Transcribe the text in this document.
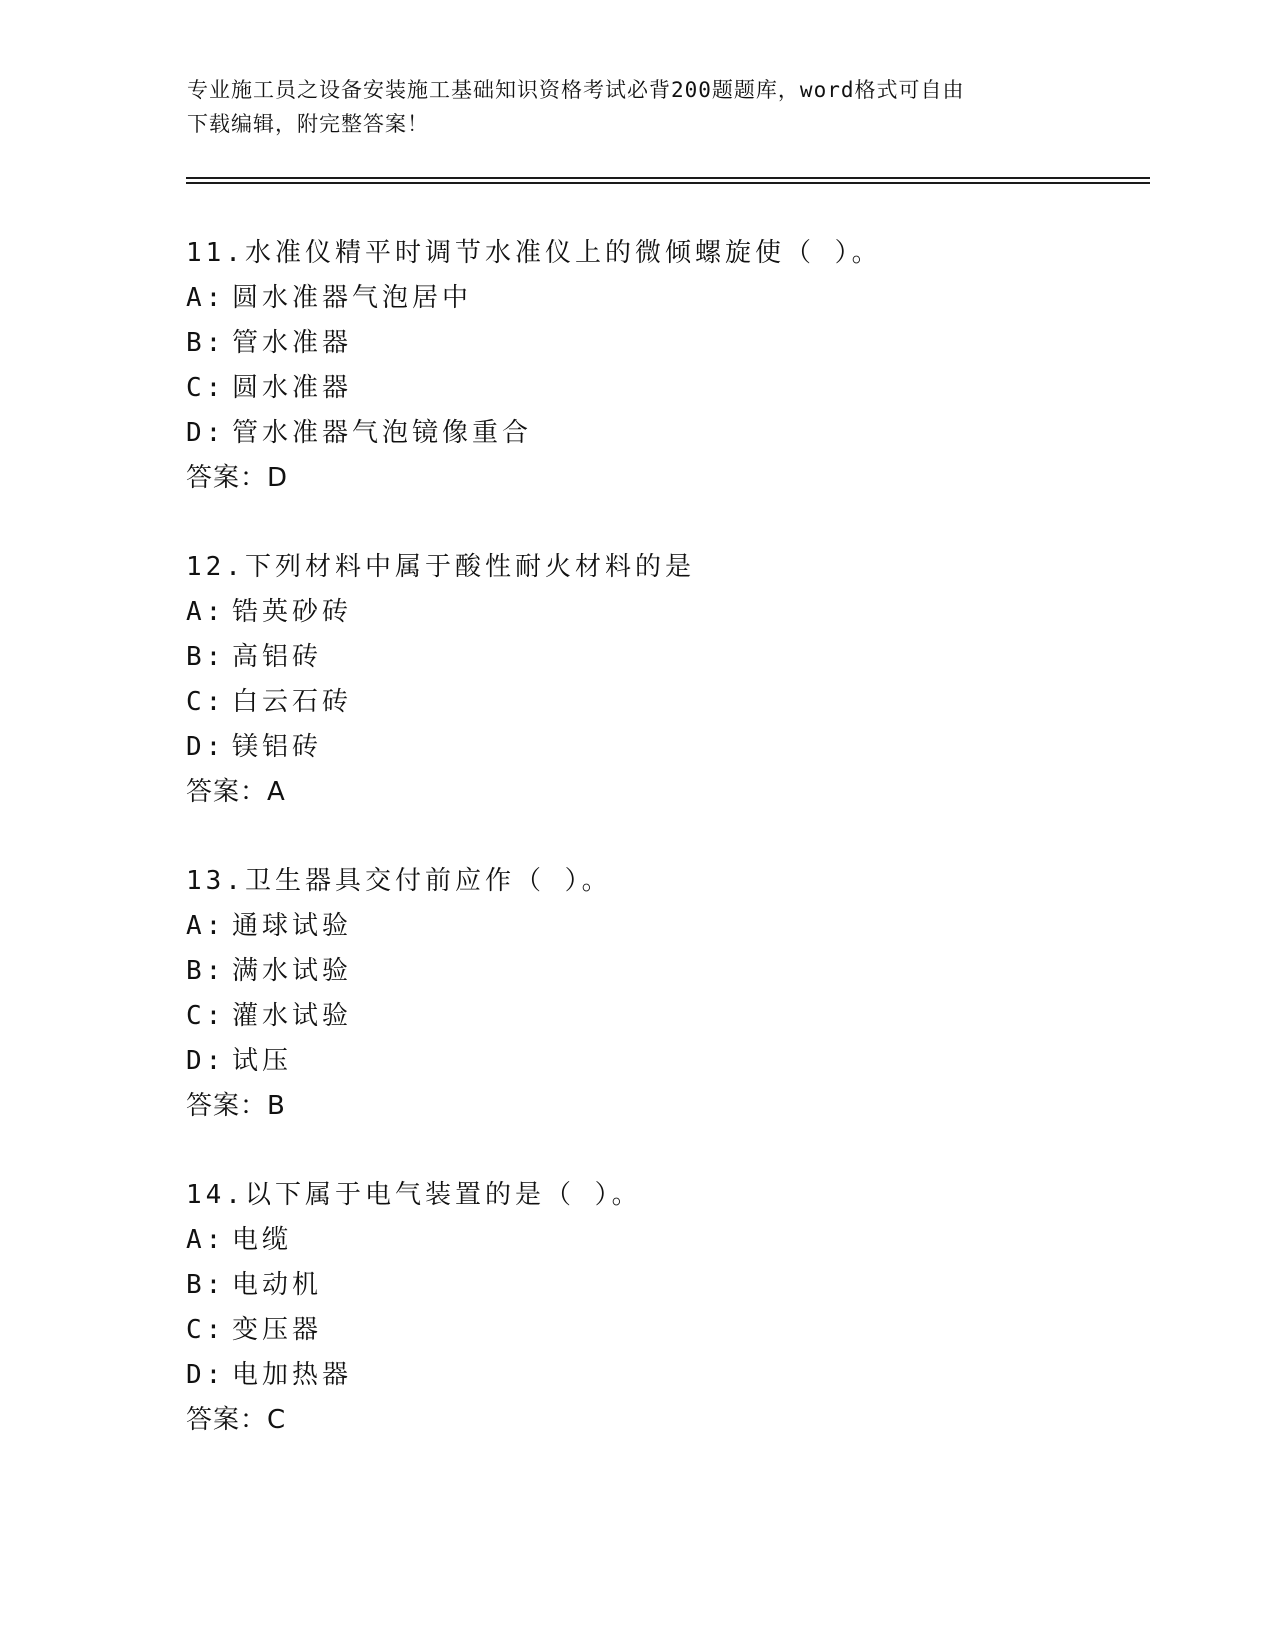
专业施工员之设备安装施工基础知识资格考试必背200题题库，word格式可自由
下载编辑，附完整答案！
11.水准仪精平时调节水准仪上的微倾螺旋使（ ）。
A: 圆水准器气泡居中
B: 管水准器
C: 圆水准器
D: 管水准器气泡镜像重合
答案：D
12.下列材料中属于酸性耐火材料的是
A: 锆英砂砖
B: 高铝砖
C: 白云石砖
D: 镁铝砖
答案：A
13.卫生器具交付前应作（ ）。
A: 通球试验
B: 满水试验
C: 灌水试验
D: 试压
答案：B
14.以下属于电气装置的是（ ）。
A: 电缆
B: 电动机
C: 变压器
D: 电加热器
答案：C
